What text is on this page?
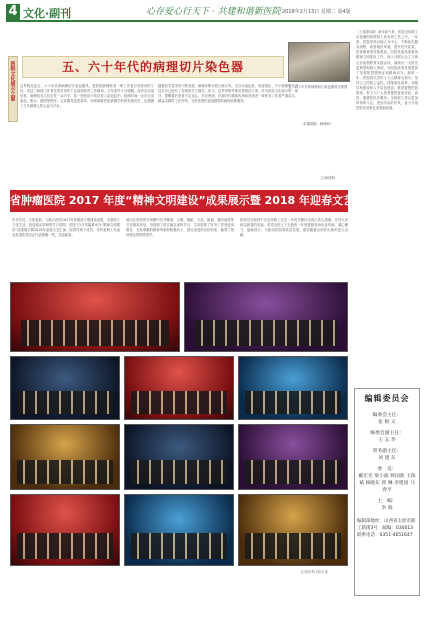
4 文化·副刊	心存爱心行天下 · 共建和谐新医院 2018年2月13日 星期二 第4版
医院文化展示之窗	五、六十年代的病理切片染色器
这件物品是五、六十年代的病理切片染色器具，是医院病理科老一辈工作者日常使用的工具，见证了病理工作者在艰苦条件下认真细致的工作精神。当年条件十分简陋，没有自动染色机，病理技术人员全凭一双巧手，将一张张切片依次放入染色缸中，按照时间一步步完成染色、脱水、透明等程序。这套器具虽然简单，却承载着医院病理学科的发展历史，也凝聚了几代病理人的心血与汗水。
随着医学技术的不断发展，病理诊断手段日新月异，全自动染色机、免疫组化、分子病理等先进技术早已取代了传统的手工操作。如今，这件老物件被妥善保存下来，作为医院文化展示的一部分，提醒着后来者不忘初心、牢记使命，在新时代继续传承和发扬老一辈医务工作者严谨求实、精益求精的工作作风，为患者提供更加精准的病理诊断服务。
五、六十年代的病理切片染色器具实物图
（本期供稿：病理科）
文/病理科
省肿瘤医院 2017 年度“精神文明建设”成果展示暨 2018 年迎春文艺汇演
岁末年初，万象更新。为展示医院2017年度精神文明建设成果，丰富职工文化生活，营造欢乐祥和的节日氛围，医院于2月初隆重举办“精神文明建设”成果展示暨2018年迎春文艺汇演。院领导班子成员、各科室职工代表及离退休老同志代表欢聚一堂，共迎新春。
演出在欢快的开场舞中拉开帷幕，合唱、舞蹈、小品、朗诵、器乐演奏等节目精彩纷呈，全院职工用自编自演的节目，生动展现了医务工作者爱岗敬业、无私奉献的精神风貌和积极向上、团结奋进的良好形象，赢得了现场观众的阵阵掌声。
院领导在致辞中对全体职工过去一年的辛勤付出表示衷心感谢，并向大家致以新春的祝福，希望全院上下在新的一年里继续发扬优良传统，凝心聚力，砥砺前行，为推动医院高质量发展、建设健康山西作出新的更大贡献。
文/宣传科 图/王伟
（上接第1版）新年新气象，医院全体职工以饱满的热情投入到各项工作之中。一年来，医院坚持以病人为中心，不断优化服务流程，改善就医环境，提升医疗质量，患者满意度持续提高。医院党委高度重视精神文明建设工作，深入开展社会主义核心价值观教育实践活动，涌现出一大批先进典型和感人事迹，为医院改革发展提供了坚强的思想保证和精神动力。新的一年，医院将以党的十九大精神为指引，坚持公立医院公益性，持续深化改革，加强学科建设和人才队伍建设，推进智慧医院建设，努力为广大患者提供更加优质、高效、便捷的医疗服务。全院职工将以更加昂扬的斗志、更加务实的作风，奋力开创医院各项事业发展新局面。
编辑委员会
编委会主任：
张 根 义
编委会副主任：
王 志 华
常务副主任：
刘 建 东
委　员：
戴宏光 梁小波 韩国新 王保斌 杨晓东 郭 琳 李建国 马春平
主　编：
李 瑞
编辑部地址：山西省太原市职工新街3号　邮编：030013　联系电话：0351-4651647
